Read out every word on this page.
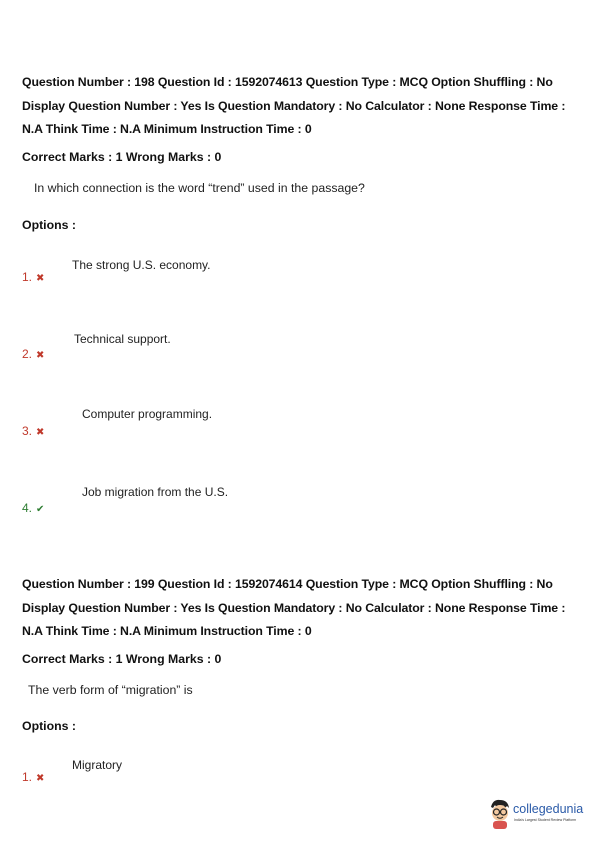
Question Number : 198 Question Id : 1592074613 Question Type : MCQ Option Shuffling : No Display Question Number : Yes Is Question Mandatory : No Calculator : None Response Time : N.A Think Time : N.A Minimum Instruction Time : 0
Correct Marks : 1 Wrong Marks : 0
In which connection is the word “trend” used in the passage?
Options :
The strong U.S. economy.
1. ✖
Technical support.
2. ✖
Computer programming.
3. ✖
Job migration from the U.S.
4. ✔
Question Number : 199 Question Id : 1592074614 Question Type : MCQ Option Shuffling : No Display Question Number : Yes Is Question Mandatory : No Calculator : None Response Time : N.A Think Time : N.A Minimum Instruction Time : 0
Correct Marks : 1 Wrong Marks : 0
The verb form of “migration” is
Options :
Migratory
1. ✖
collegedunia
India's Largest Student Review Platform
